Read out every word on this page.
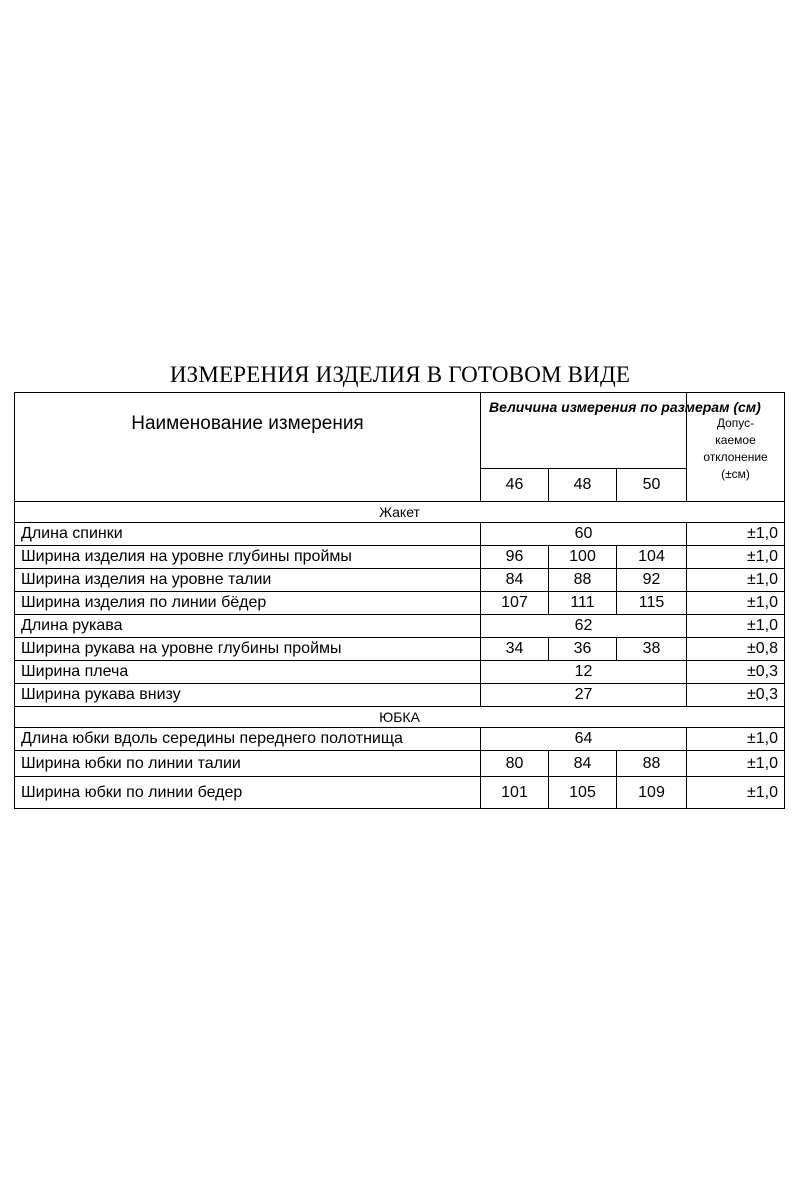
ИЗМЕРЕНИЯ ИЗДЕЛИЯ В ГОТОВОМ ВИДЕ
Наименование измерения	Величина измерения по размерам (см)			Допус-
каемое
отклонение
(±см)

	46	48	50	
Жакет				
Длина спинки	60			±1,0
Ширина изделия на уровне глубины проймы	96	100	104	±1,0
Ширина изделия на уровне талии	84	88	92	±1,0
Ширина изделия по линии бёдер	107	111	115	±1,0
Длина рукава	62			±1,0
Ширина рукава на уровне глубины проймы	34	36	38	±0,8
Ширина плеча	12			±0,3
Ширина рукава внизу	27			±0,3
ЮБКА				
Длина юбки вдоль середины переднего полотнища	64			±1,0
Ширина юбки по линии талии	80	84	88	±1,0
Ширина юбки по линии бедер	101	105	109	±1,0
